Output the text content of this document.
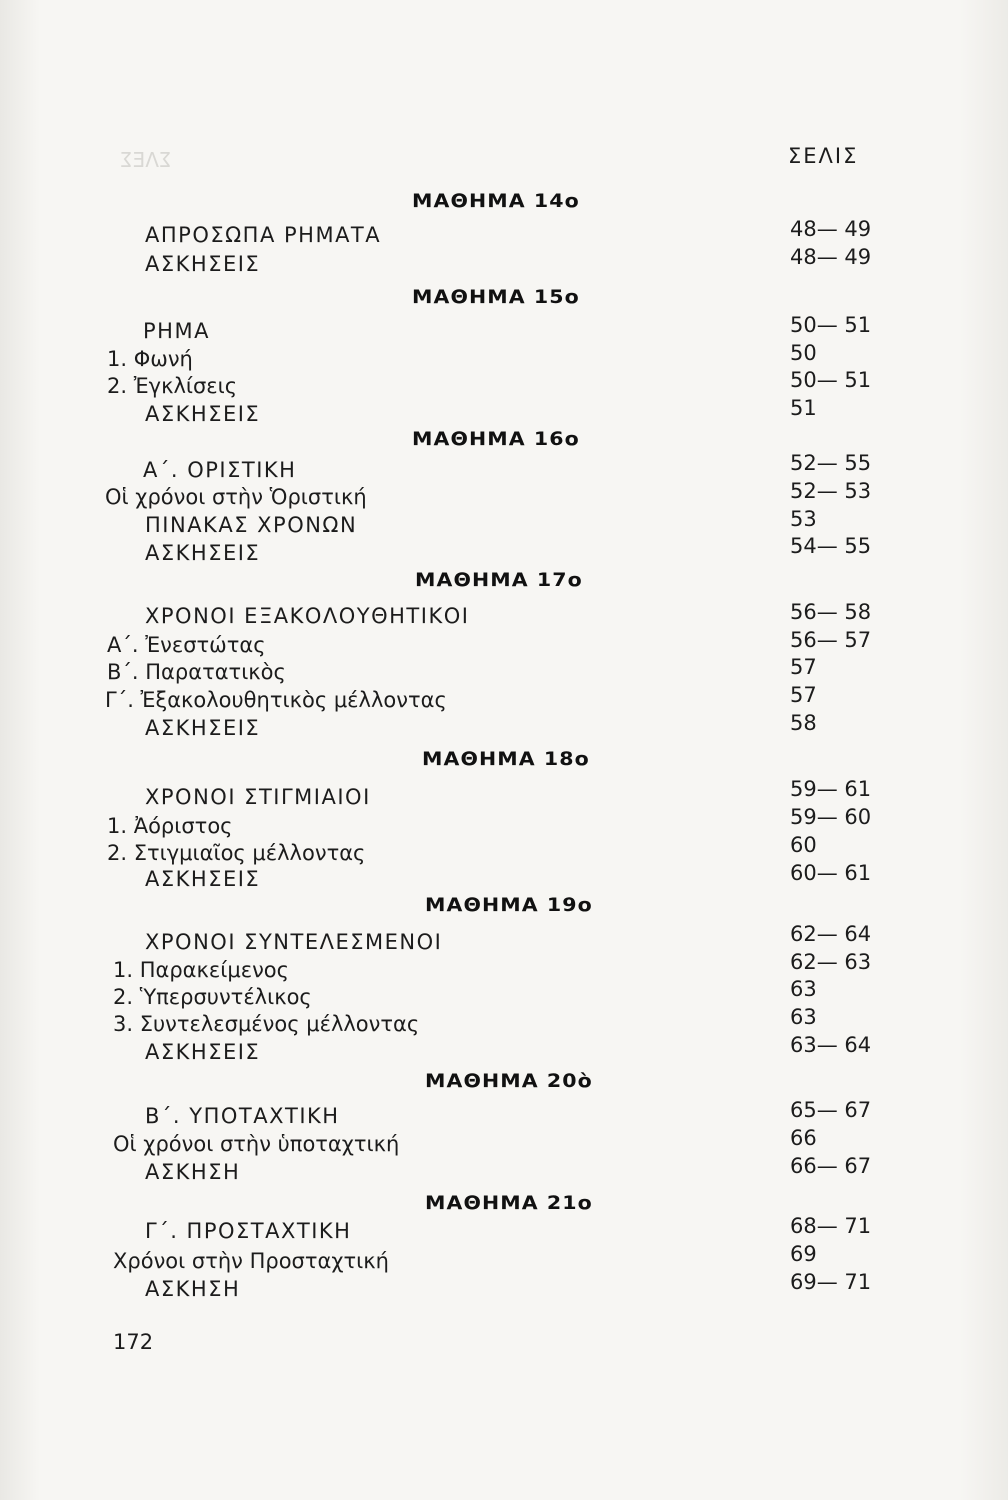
ΣΛΕΣ
 	ΣΕΛΙΣ
ΜΑΘΗΜΑ 14ο
ΑΠΡΟΣΩΠΑ ΡΗΜΑΤΑ	48— 49
ΑΣΚΗΣΕΙΣ	48— 49
ΜΑΘΗΜΑ 15ο
ΡΗΜΑ	50— 51
1. Φωνή	50
2. Ἐγκλίσεις	50— 51
ΑΣΚΗΣΕΙΣ	51
ΜΑΘΗΜΑ 16ο
Α΄. ΟΡΙΣΤΙΚΗ	52— 55
Οἱ χρόνοι στὴν Ὁριστική	52— 53
ΠΙΝΑΚΑΣ ΧΡΟΝΩΝ	53
ΑΣΚΗΣΕΙΣ	54— 55
ΜΑΘΗΜΑ 17ο
ΧΡΟΝΟΙ ΕΞΑΚΟΛΟΥΘΗΤΙΚΟΙ	56— 58
Α΄. Ἐνεστώτας	56— 57
Β΄. Παρατατικὸς	57
Γ΄. Ἐξακολουθητικὸς μέλλοντας	57
ΑΣΚΗΣΕΙΣ	58
ΜΑΘΗΜΑ 18ο
ΧΡΟΝΟΙ ΣΤΙΓΜΙΑΙΟΙ	59— 61
1. Ἀόριστος	59— 60
2. Στιγμιαῖος μέλλοντας	60
ΑΣΚΗΣΕΙΣ	60— 61
ΜΑΘΗΜΑ 19ο
ΧΡΟΝΟΙ ΣΥΝΤΕΛΕΣΜΕΝΟΙ	62— 64
1. Παρακείμενος	62— 63
2. Ὑπερσυντέλικος	63
3. Συντελεσμένος μέλλοντας	63
ΑΣΚΗΣΕΙΣ	63— 64
ΜΑΘΗΜΑ 20ὸ
Β΄. ΥΠΟΤΑΧΤΙΚΗ	65— 67
Οἱ χρόνοι στὴν ὑποταχτική	66
ΑΣΚΗΣΗ	66— 67
ΜΑΘΗΜΑ 21ο
Γ΄. ΠΡΟΣΤΑΧΤΙΚΗ	68— 71
Χρόνοι στὴν Προσταχτική	69
ΑΣΚΗΣΗ	69— 71
172
